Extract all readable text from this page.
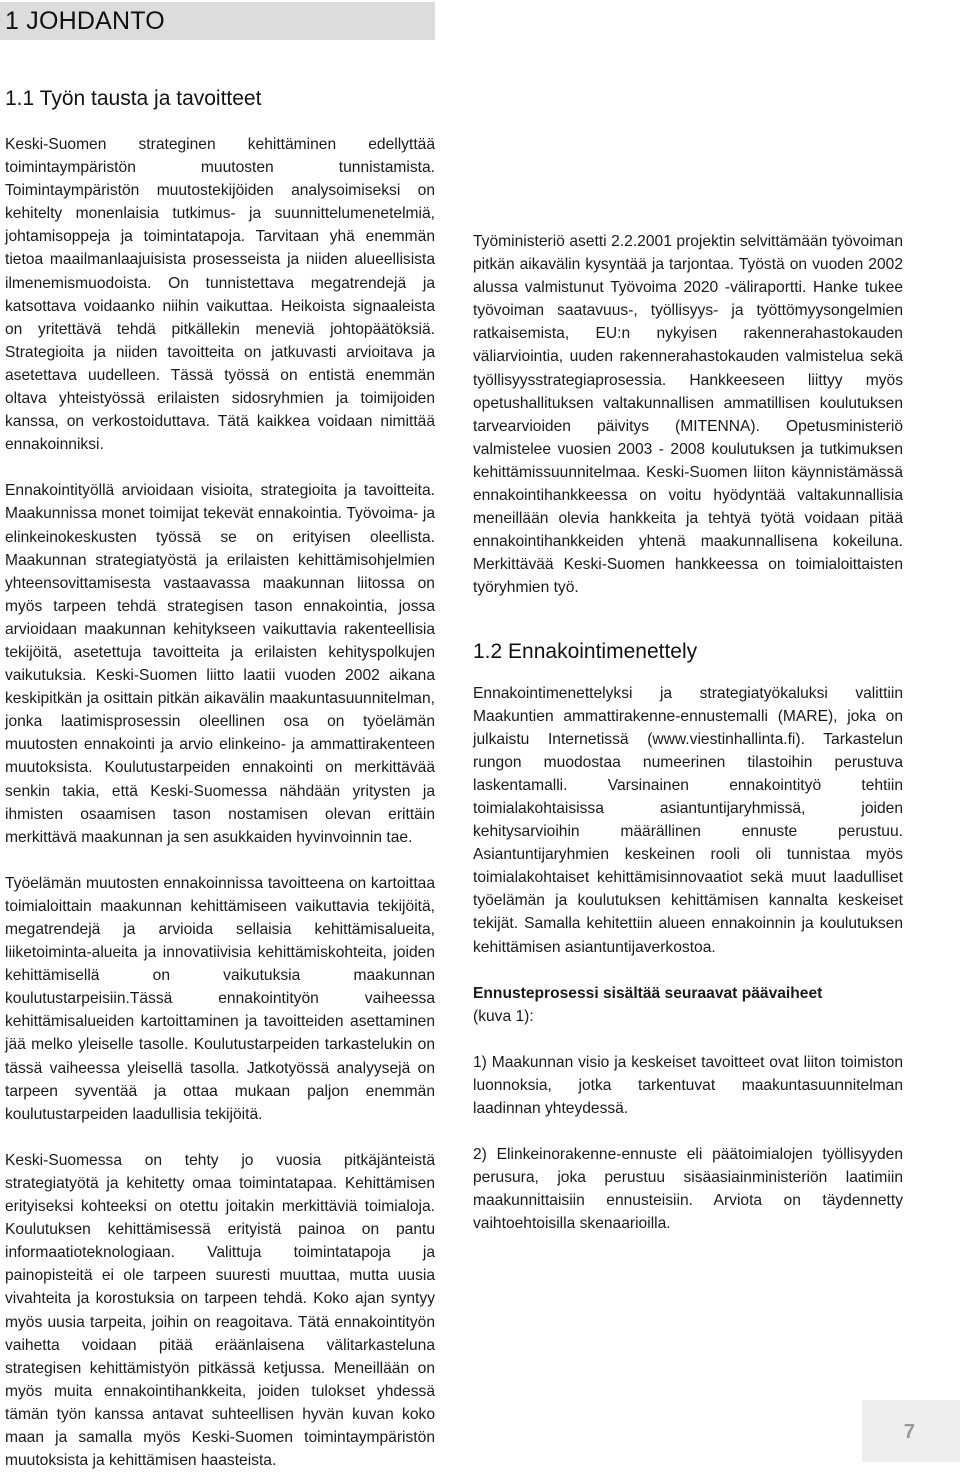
1 JOHDANTO
1.1 Työn tausta ja tavoitteet

Keski-Suomen strateginen kehittäminen edellyttää toimintaympäristön muutosten tunnistamista. Toimintaympäristön muutostekijöiden analysoimiseksi on kehitelty monenlaisia tutkimus- ja suunnittelumenetelmiä, johtamisoppeja ja toimintatapoja. Tarvitaan yhä enemmän tietoa maailmanlaajuisista prosesseista ja niiden alueellisista ilmenemismuodoista. On tunnistettava megatrendejä ja katsottava voidaanko niihin vaikuttaa. Heikoista signaaleista on yritettävä tehdä pitkällekin meneviä johtopäätöksiä. Strategioita ja niiden tavoitteita on jatkuvasti arvioitava ja asetettava uudelleen. Tässä työssä on entistä enemmän oltava yhteistyössä erilaisten sidosryhmien ja toimijoiden kanssa, on verkostoiduttava. Tätä kaikkea voidaan nimittää ennakoinniksi.

Ennakointityöllä arvioidaan visioita, strategioita ja tavoitteita. Maakunnissa monet toimijat tekevät ennakointia. Työvoima- ja elinkeinokeskusten työssä se on erityisen oleellista. Maakunnan strategiatyöstä ja erilaisten kehittämisohjelmien yhteensovittamisesta vastaavassa maakunnan liitossa on myös tarpeen tehdä strategisen tason ennakointia, jossa arvioidaan maakunnan kehitykseen vaikuttavia rakenteellisia tekijöitä, asetettuja tavoitteita ja erilaisten kehityspolkujen vaikutuksia. Keski-Suomen liitto laatii vuoden 2002 aikana keskipitkän ja osittain pitkän aikavälin maakuntasuunnitelman, jonka laatimisprosessin oleellinen osa on työelämän muutosten ennakointi ja arvio elinkeino- ja ammattirakenteen muutoksista. Koulutustarpeiden ennakointi on merkittävää senkin takia, että Keski-Suomessa nähdään yritysten ja ihmisten osaamisen tason nostamisen olevan erittäin merkittävä maakunnan ja sen asukkaiden hyvinvoinnin tae.

Työelämän muutosten ennakoinnissa tavoitteena on kartoittaa toimialoittain maakunnan kehittämiseen vaikuttavia tekijöitä, megatrendejä ja arvioida sellaisia kehittämisalueita, liiketoiminta-alueita ja innovatiivisia kehittämiskohteita, joiden kehittämisellä on vaikutuksia maakunnan koulutustarpeisiin.Tässä ennakointityön vaiheessa kehittämisalueiden kartoittaminen ja tavoitteiden asettaminen jää melko yleiselle tasolle. Koulutustarpeiden tarkastelukin on tässä vaiheessa yleisellä tasolla. Jatkotyössä analyysejä on tarpeen syventää ja ottaa mukaan paljon enemmän koulutustarpeiden laadullisia tekijöitä.

Keski-Suomessa on tehty jo vuosia pitkäjänteistä strategiatyötä ja kehitetty omaa toimintatapaa. Kehittämisen erityiseksi kohteeksi on otettu joitakin merkittäviä toimialoja. Koulutuksen kehittämisessä erityistä painoa on pantu informaatioteknologiaan. Valittuja toimintatapoja ja painopisteitä ei ole tarpeen suuresti muuttaa, mutta uusia vivahteita ja korostuksia on tarpeen tehdä. Koko ajan syntyy myös uusia tarpeita, joihin on reagoitava. Tätä ennakointityön vaihetta voidaan pitää eräänlaisena välitarkasteluna strategisen kehittämistyön pitkässä ketjussa. Meneillään on myös muita ennakointihankkeita, joiden tulokset yhdessä tämän työn kanssa antavat suhteellisen hyvän kuvan koko maan ja samalla myös Keski-Suomen toimintaympäristön muutoksista ja kehittämisen haasteista.

Työministeriö asetti 2.2.2001 projektin selvittämään työvoiman pitkän aikavälin kysyntää ja tarjontaa. Työstä on vuoden 2002 alussa valmistunut Työvoima 2020 -väliraportti. Hanke tukee työvoiman saatavuus-, työllisyys- ja työttömyysongelmien ratkaisemista, EU:n nykyisen rakennerahastokauden väliarviointia, uuden rakennerahastokauden valmistelua sekä työllisyysstrategiaprosessia. Hankkeeseen liittyy myös opetushallituksen valtakunnallisen ammatillisen koulutuksen tarvearvioiden päivitys (MITENNA). Opetusministeriö valmistelee vuosien 2003 - 2008 koulutuksen ja tutkimuksen kehittämissuunnitelmaa. Keski-Suomen liiton käynnistämässä ennakointihankkeessa on voitu hyödyntää valtakunnallisia meneillään olevia hankkeita ja tehtyä työtä voidaan pitää ennakointihankkeiden yhtenä maakunnallisena kokeiluna. Merkittävää Keski-Suomen hankkeessa on toimialoittaisten työryhmien työ.

1.2 Ennakointimenettely

Ennakointimenettelyksi ja strategiatyökaluksi valittiin Maakuntien ammattirakenne-ennustemalli (MARE), joka on julkaistu Internetissä (www.viestinhallinta.fi). Tarkastelun rungon muodostaa numeerinen tilastoihin perustuva laskentamalli. Varsinainen ennakointityö tehtiin toimialakohtaisissa asiantuntijaryhmissä, joiden kehitysarvioihin määrällinen ennuste perustuu. Asiantuntijaryhmien keskeinen rooli oli tunnistaa myös toimialakohtaiset kehittämisinnovaatiot sekä muut laadulliset työelämän ja koulutuksen kehittämisen kannalta keskeiset tekijät. Samalla kehitettiin alueen ennakoinnin ja koulutuksen kehittämisen asiantuntijaverkostoa.

Ennusteprosessi sisältää seuraavat päävaiheet
(kuva 1):

1) Maakunnan visio ja keskeiset tavoitteet ovat liiton toimiston luonnoksia, jotka tarkentuvat maakuntasuunnitelman laadinnan yhteydessä.

2) Elinkeinorakenne-ennuste eli päätoimialojen työllisyyden perusura, joka perustuu sisäasiainministeriön laatimiin maakunnittaisiin ennusteisiin. Arviota on täydennetty vaihtoehtoisilla skenaarioilla.

7
